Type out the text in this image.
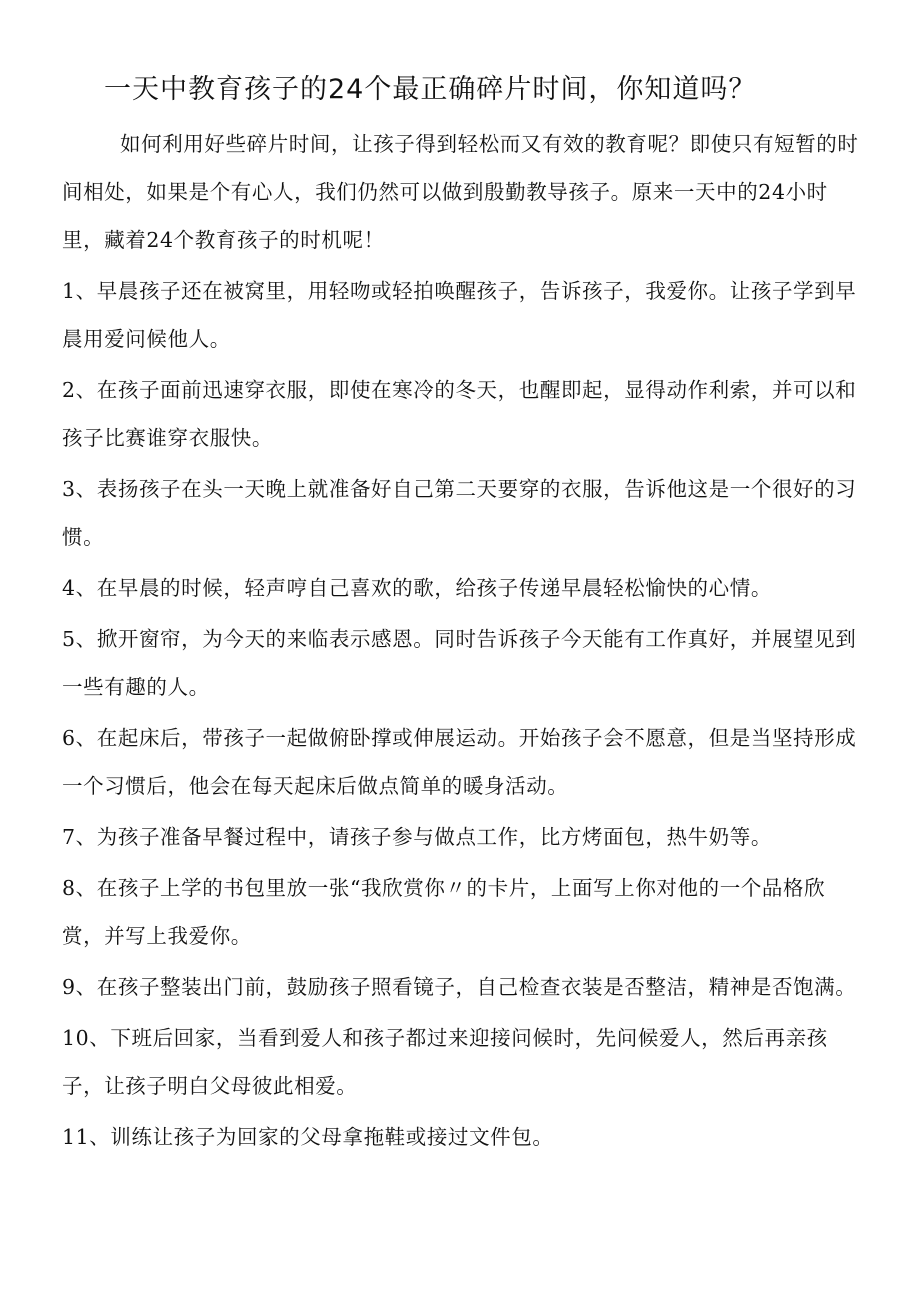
一天中教育孩子的24个最正确碎片时间，你知道吗？

如何利用好些碎片时间，让孩子得到轻松而又有效的教育呢？即使只有短暂的时间相处，如果是个有心人，我们仍然可以做到殷勤教导孩子。原来一天中的24小时里，藏着24个教育孩子的时机呢！

1、早晨孩子还在被窝里，用轻吻或轻拍唤醒孩子，告诉孩子，我爱你。让孩子学到早晨用爱问候他人。

2、在孩子面前迅速穿衣服，即使在寒冷的冬天，也醒即起，显得动作利索，并可以和孩子比赛谁穿衣服快。

3、表扬孩子在头一天晚上就准备好自己第二天要穿的衣服，告诉他这是一个很好的习惯。

4、在早晨的时候，轻声哼自己喜欢的歌，给孩子传递早晨轻松愉快的心情。

5、掀开窗帘，为今天的来临表示感恩。同时告诉孩子今天能有工作真好，并展望见到一些有趣的人。

6、在起床后，带孩子一起做俯卧撑或伸展运动。开始孩子会不愿意，但是当坚持形成一个习惯后，他会在每天起床后做点简单的暖身活动。

7、为孩子准备早餐过程中，请孩子参与做点工作，比方烤面包，热牛奶等。

8、在孩子上学的书包里放一张“我欣赏你〃的卡片，上面写上你对他的一个品格欣赏，并写上我爱你。

9、在孩子整装出门前，鼓励孩子照看镜子，自己检查衣装是否整洁，精神是否饱满。

10、下班后回家，当看到爱人和孩子都过来迎接问候时，先问候爱人，然后再亲孩子，让孩子明白父母彼此相爱。

11、训练让孩子为回家的父母拿拖鞋或接过文件包。
